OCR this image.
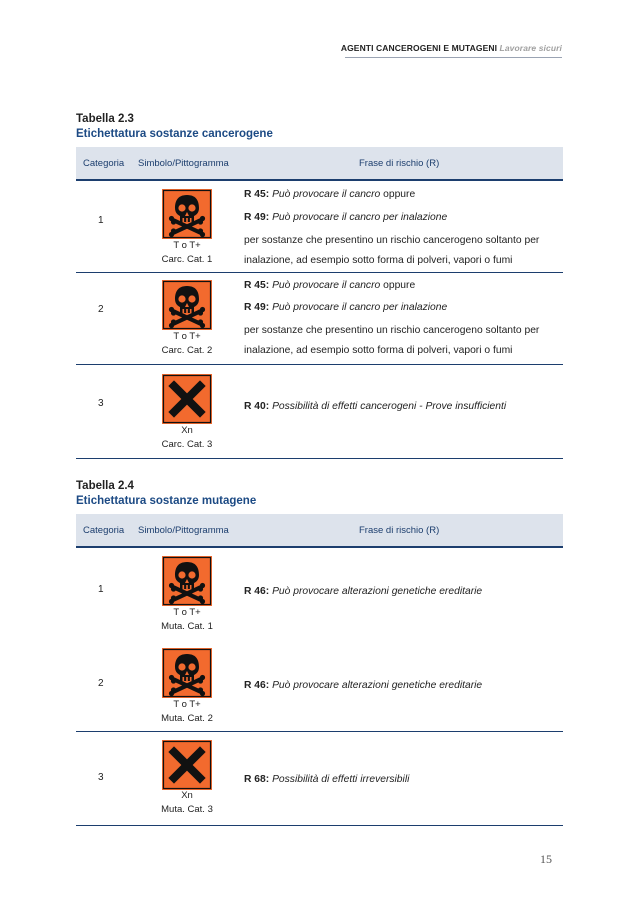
AGENTI CANCEROGENI E MUTAGENI Lavorare sicuri
Tabella 2.3
Etichettatura sostanze cancerogene
Categoria Simbolo/Pittogramma	Frase di rischio (R)
1
T o T+
Carc. Cat. 1
R 45: Può provocare il cancro oppure
R 49: Può provocare il cancro per inalazione
per sostanze che presentino un rischio cancerogeno soltanto per inalazione, ad esempio sotto forma di polveri, vapori o fumi
2
T o T+
Carc. Cat. 2
R 45: Può provocare il cancro oppure
R 49: Può provocare il cancro per inalazione
per sostanze che presentino un rischio cancerogeno soltanto per inalazione, ad esempio sotto forma di polveri, vapori o fumi
3
Xn
Carc. Cat. 3
R 40: Possibilità di effetti cancerogeni - Prove insufficienti
Tabella 2.4
Etichettatura sostanze mutagene
Categoria Simbolo/Pittogramma	Frase di rischio (R)
1
T o T+
Muta. Cat. 1
R 46: Può provocare alterazioni genetiche ereditarie
2
T o T+
Muta. Cat. 2
R 46: Può provocare alterazioni genetiche ereditarie
3
Xn
Muta. Cat. 3
R 68: Possibilità di effetti irreversibili
15
